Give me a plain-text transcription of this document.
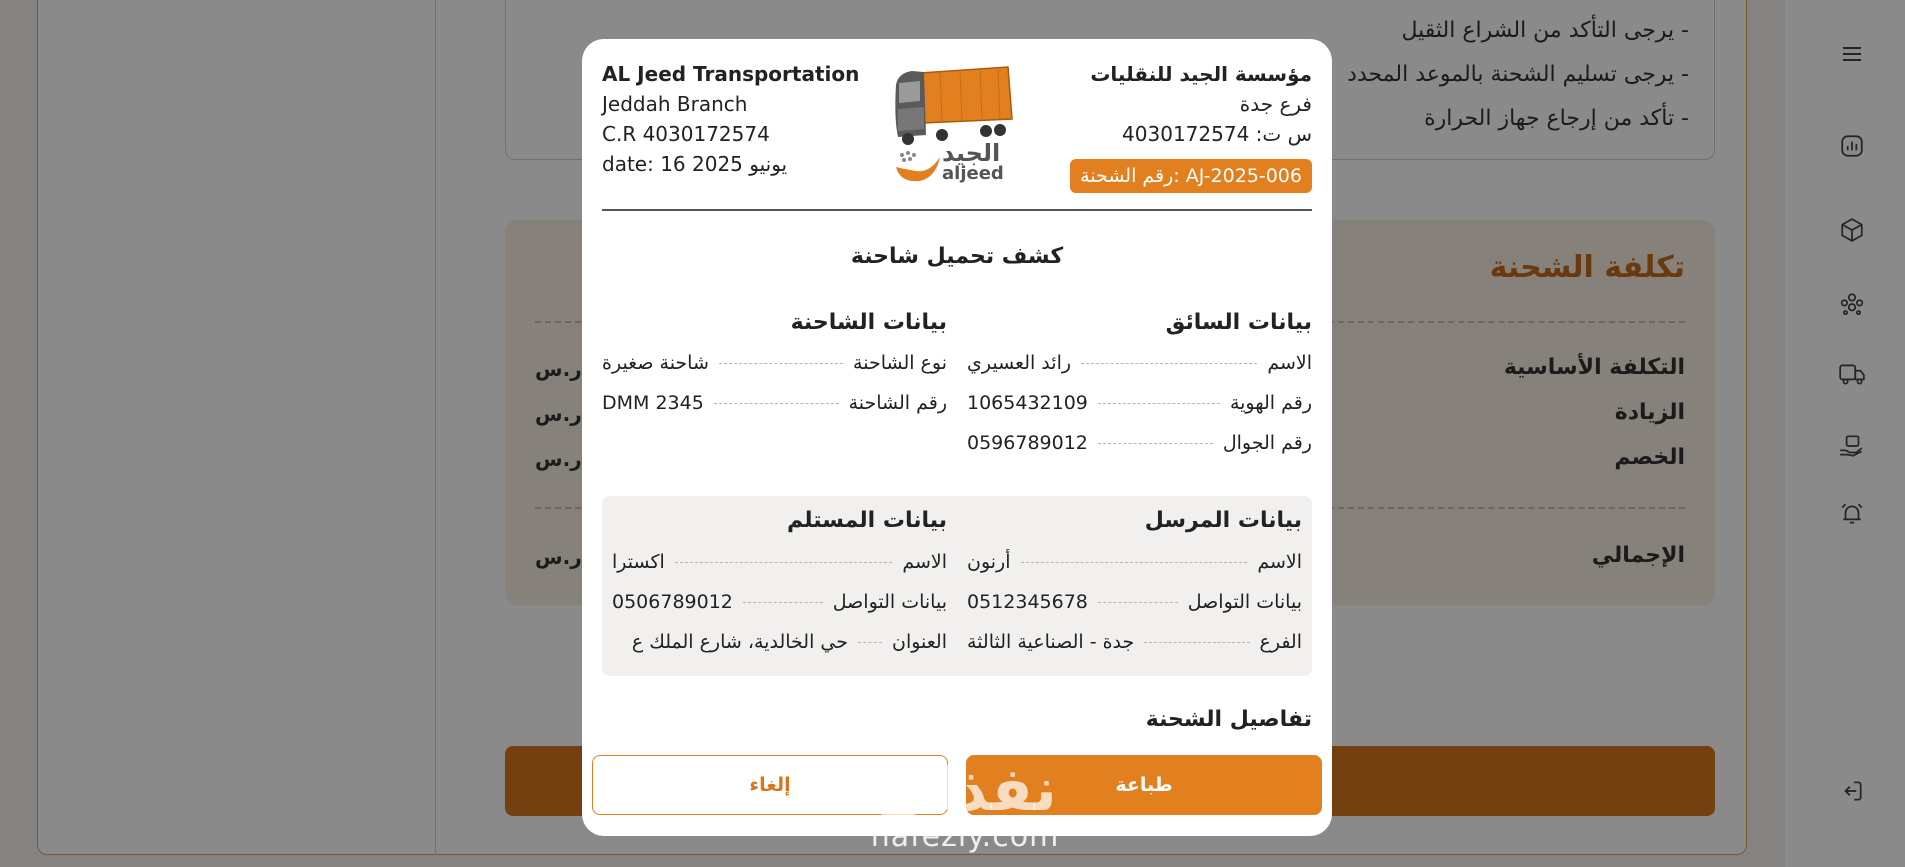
- يرجى التأكد من الشراع الثقيل
- يرجى تسليم الشحنة بالموعد المحدد
- تأكد من إرجاع جهاز الحرارة
تكلفة الشحنة
التكلفة الأساسية
ر.س
الزيادة
ر.س
الخصم
ر.س
الإجمالي
ر.س
AL Jeed Transportation
Jeddah Branch
C.R 4030172574
date: 16 2025 يونيو	الجيد
aljeed
مؤسسة الجيد للنقليات
فرع جدة
س ت: 4030172574
AJ-2025-006 :رقم الشحنة
كشف تحميل شاحنة
بيانات السائق
الاسم
رائد العسيري
رقم الهوية
1065432109
رقم الجوال
0596789012
بيانات الشاحنة
نوع الشاحنة
شاحنة صغيرة
رقم الشاحنة
DMM 2345
بيانات المرسل
الاسم
أرنون
بيانات التواصل
0512345678
الفرع
جدة - الصناعية الثالثة
بيانات المستلم
الاسم
اكسترا
بيانات التواصل
0506789012
العنوان
حي الخالدية، شارع الملك ع
تفاصيل الشحنة
طباعة
إلغاء	نفذلي
nafezly.com
